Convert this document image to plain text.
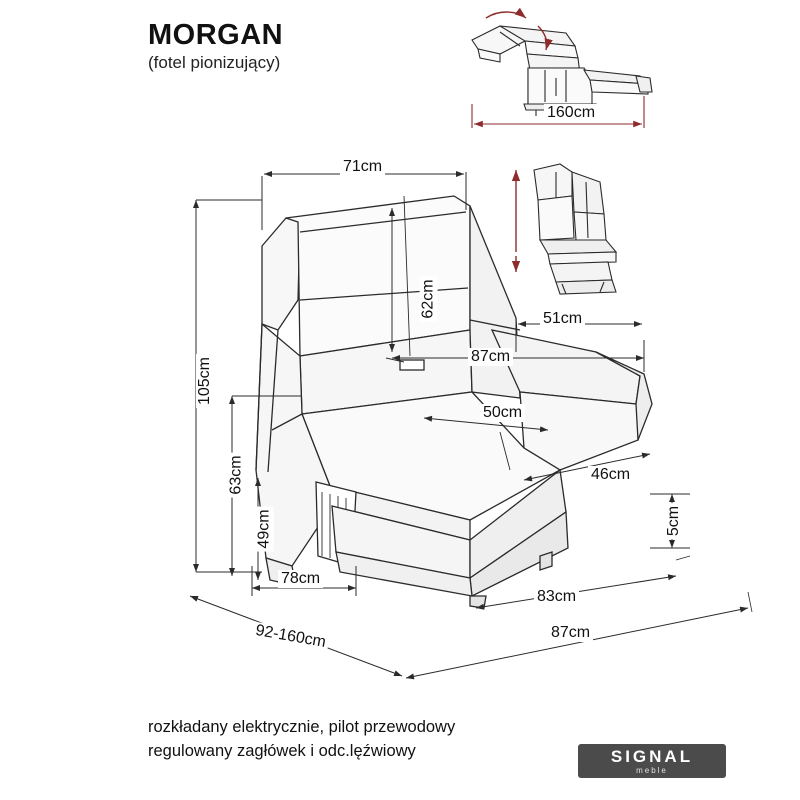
MORGAN
(fotel pionizujący)
71cm
160cm
62cm
105cm
63cm
49cm
87cm
51cm
50cm
46cm
5cm
78cm
83cm
92-160cm	87cm
rozkładany elektrycznie, pilot przewodowy
regulowany zagłówek i odc.lęźwiowy	SIGNAL
meble
